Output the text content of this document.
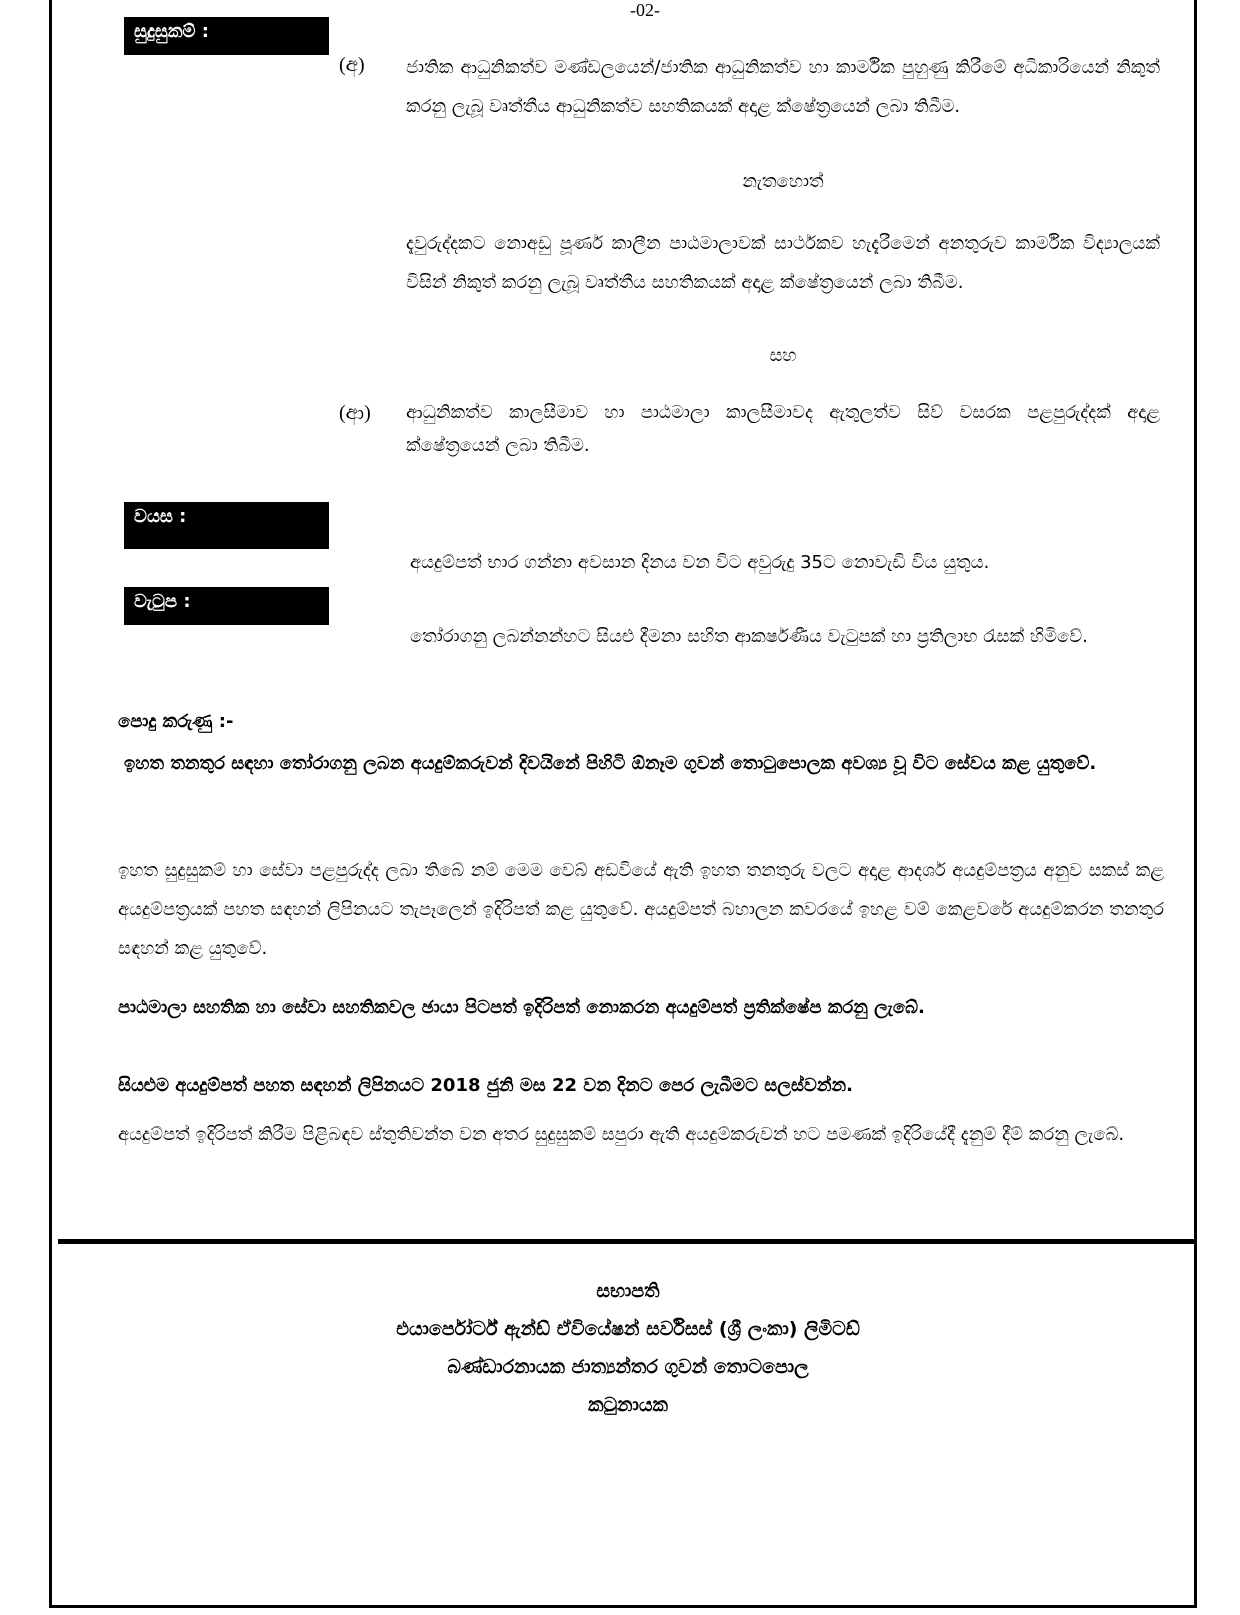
-02-
සුදුසුකම් :
(අ) ජාතික ආධුනිකත්ව මණ්ඩලයෙන්/ජාතික ආධුනිකත්ව හා කාර්මික පුහුණු කිරීමේ අධිකාරියෙන් නිකුත් කරනු ලැබූ වෘත්තීය ආධුනිකත්ව සහතිකයක් අදාළ ක්ෂේත්‍රයෙන් ලබා තිබීම.
නැතහොත්
දැවුරුද්දකට නොඅඩු පූර්ණ කාලීන පාඨමාලාවක් සාර්ථකව හැදැරීමෙන් අනතුරුව කාර්මික විද්‍යාලයක් විසින් නිකුත් කරනු ලැබූ වෘත්තීය සහතිකයක් අදාළ ක්ෂේත්‍රයෙන් ලබා තිබීම.
සහ
(ආ) ආධුනිකත්ව කාලසීමාව හා පාඨමාලා කාලසීමාවද ඇතුලත්ව සිව් වසරක පළපුරුද්දක් අදාළ ක්ෂේත්‍රයෙන් ලබා තිබීම.
වයස :
අයදුම්පත් භාර ගන්නා අවසාන දිනය වන විට අවුරුදු 35ට නොවැඩි විය යුතුය.
වැටුප :
තෝරාගනු ලබන්නන්හට සියළු දීමනා සහිත ආකර්ෂණීය වැටුපක් හා ප්‍රතිලාභ රැසක් හිමිවේ.
පොදු කරුණු :-
ඉහත තනතුර සඳහා තෝරාගනු ලබන අයදුම්කරුවන් දිවයිනේ පිහිටි ඕනෑම ගුවන් තොටුපොලක අවශ්‍ය වූ විට සේවය කළ යුතුවේ.
ඉහත සුදුසුකම් හා සේවා පළපුරුද්ද ලබා තිබේ නම් මෙම වෙබ් අඩවියේ ඇති ඉහත තනතුරු වලට අදාළ ආදර්ශ අයදුම්පත්‍රය අනුව සකස් කළ අයදුම්පත්‍රයක් පහත සඳහන් ලිපිනයට තැපෑලෙන් ඉදිරිපත් කළ යුතුවේ. අයදුම්පත් බහාලන කවරයේ ඉහළ වම් කෙළවරේ අයදුම්කරන තනතුර සඳහන් කළ යුතුවේ.
පාඨමාලා සහතික හා සේවා සහතිකවල ඡායා පිටපත් ඉදිරිපත් නොකරන අයදුම්පත් ප්‍රතික්ෂේප කරනු ලැබේ.
සියළුම අයදුම්පත් පහත සඳහන් ලිපිනයට 2018 ජුනි මස 22 වන දිනට පෙර ලැබීමට සලස්වන්න.
අයදුම්පත් ඉදිරිපත් කිරීම පිළිබඳව ස්තුතිවන්ත වන අතර සුදුසුකම් සපුරා ඇති අයදුම්කරුවන් හට පමණක් ඉදිරියේදී දැනුම් දීම් කරනු ලැබේ.
සභාපති
එයාර්පෝර්ට් ඇන්ඩ් ඒවියේෂන් සර්විසස් (ශ්‍රී ලංකා) ලිමිටඩ්
බණ්ඩාරනායක ජාත්‍යන්තර ගුවන් තොටපොල
කටුනායක
